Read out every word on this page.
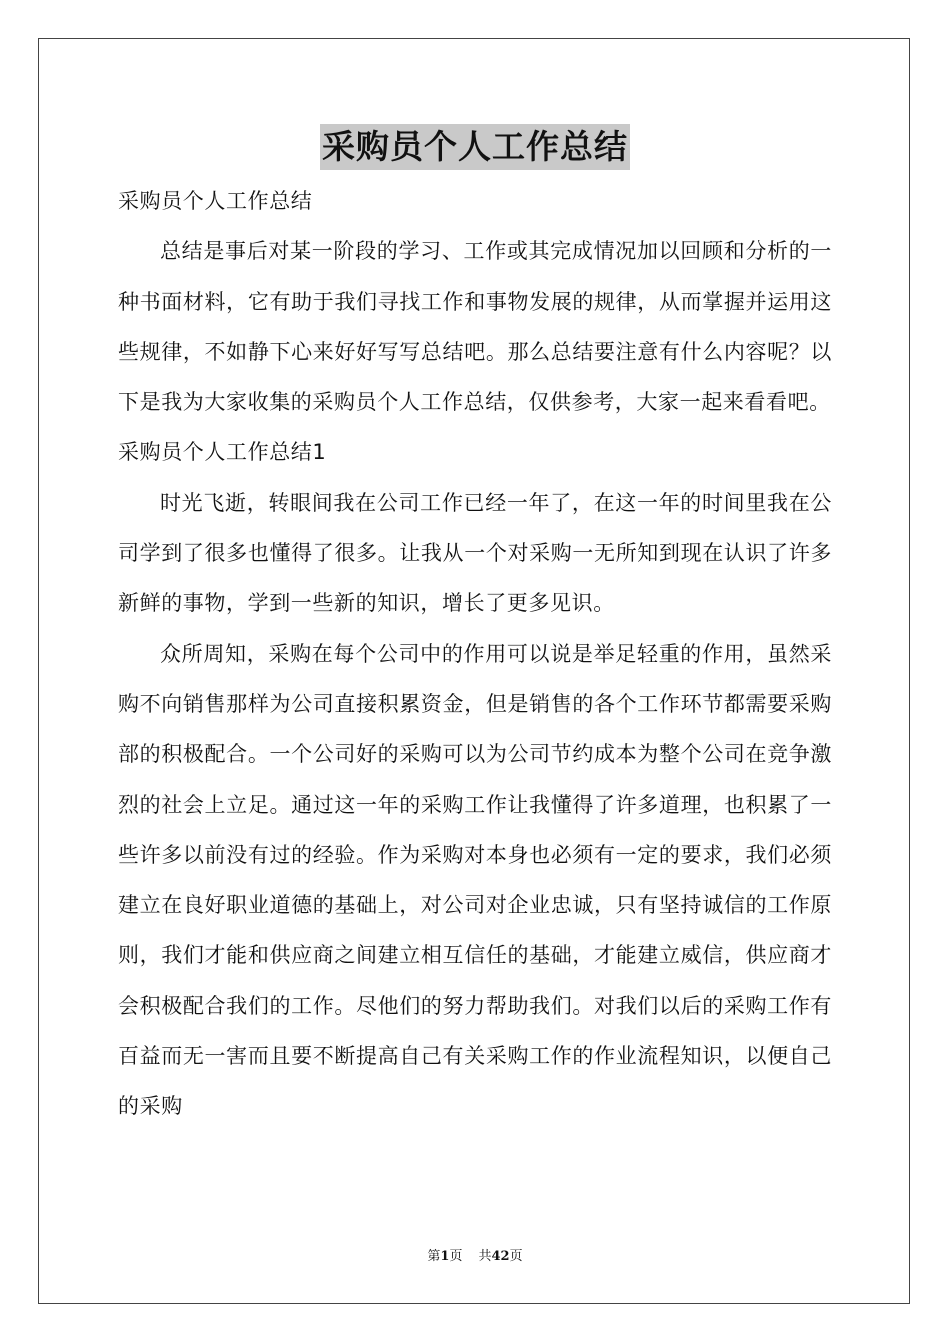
采购员个人工作总结

采购员个人工作总结

总结是事后对某一阶段的学习、工作或其完成情况加以回顾和分析的一种书面材料，它有助于我们寻找工作和事物发展的规律，从而掌握并运用这些规律，不如静下心来好好写写总结吧。那么总结要注意有什么内容呢？以下是我为大家收集的采购员个人工作总结，仅供参考，大家一起来看看吧。

采购员个人工作总结1

时光飞逝，转眼间我在公司工作已经一年了，在这一年的时间里我在公司学到了很多也懂得了很多。让我从一个对采购一无所知到现在认识了许多新鲜的事物，学到一些新的知识，增长了更多见识。

众所周知，采购在每个公司中的作用可以说是举足轻重的作用，虽然采购不向销售那样为公司直接积累资金，但是销售的各个工作环节都需要采购部的积极配合。一个公司好的采购可以为公司节约成本为整个公司在竞争激烈的社会上立足。通过这一年的采购工作让我懂得了许多道理，也积累了一些许多以前没有过的经验。作为采购对本身也必须有一定的要求，我们必须建立在良好职业道德的基础上，对公司对企业忠诚，只有坚持诚信的工作原则，我们才能和供应商之间建立相互信任的基础，才能建立威信，供应商才会积极配合我们的工作。尽他们的努力帮助我们。对我们以后的采购工作有百益而无一害而且要不断提高自己有关采购工作的作业流程知识，以便自己的采购

第1页 共42页
